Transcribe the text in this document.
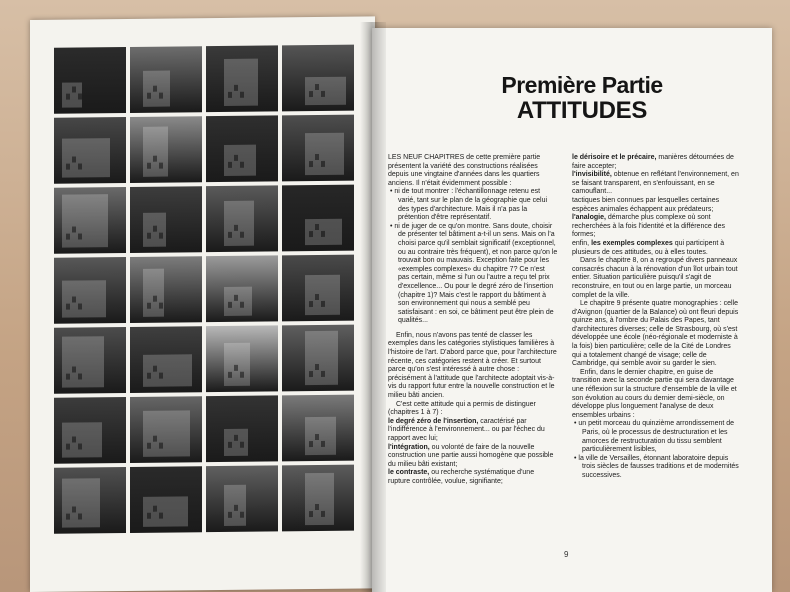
Première Partie
ATTITUDES

LES NEUF CHAPITRES de cette première partie présentent la variété des constructions réalisées depuis une vingtaine d'années dans les quartiers anciens. Il n'était évidemment possible :

• ni de tout montrer : l'échantillonnage retenu est varié, tant sur le plan de la géographie que celui des types d'architecture. Mais il n'a pas la prétention d'être représentatif.

• ni de juger de ce qu'on montre. Sans doute, choisir de présenter tel bâtiment a-t-il un sens. Mais on l'a choisi parce qu'il semblait significatif (exceptionnel, ou au contraire très fréquent), et non parce qu'on le trouvait bon ou mauvais. Exception faite pour les «exemples complexes» du chapitre 7? Ce n'est pas certain, même si l'un ou l'autre a reçu tel prix d'excellence... Ou pour le degré zéro de l'insertion (chapitre 1)? Mais c'est le rapport du bâtiment à son environnement qui nous a semblé peu satisfaisant : en soi, ce bâtiment peut être plein de qualités...

Enfin, nous n'avons pas tenté de classer les exemples dans les catégories stylistiques familières à l'histoire de l'art. D'abord parce que, pour l'architecture récente, ces catégories restent à créer. Et surtout parce qu'on s'est intéressé à autre chose : précisément à l'attitude que l'architecte adoptait vis-à-vis du rapport futur entre la nouvelle construction et le milieu bâti ancien.

C'est cette attitude qui a permis de distinguer (chapitres 1 à 7) :

le degré zéro de l'insertion, caractérisé par l'indifférence à l'environnement... ou par l'échec du rapport avec lui;

l'intégration, ou volonté de faire de la nouvelle construction une partie aussi homogène que possible du milieu bâti existant;

le contraste, ou recherche systématique d'une rupture contrôlée, voulue, signifiante;

le dérisoire et le précaire, manières détournées de faire accepter;

l'invisibilité, obtenue en reflétant l'environnement, en se faisant transparent, en s'enfouissant, en se camouflant...

tactiques bien connues par lesquelles certaines espèces animales échappent aux prédateurs;

l'analogie, démarche plus complexe où sont recherchées à la fois l'identité et la différence des formes;

enfin, les exemples complexes qui participent à plusieurs de ces attitudes, ou à elles toutes.

Dans le chapitre 8, on a regroupé divers panneaux consacrés chacun à la rénovation d'un îlot urbain tout entier. Situation particulière puisqu'il s'agit de reconstruire, en tout ou en large partie, un morceau complet de la ville.

Le chapitre 9 présente quatre monographies : celle d'Avignon (quartier de la Balance) où ont fleuri depuis quinze ans, à l'ombre du Palais des Papes, tant d'architectures diverses; celle de Strasbourg, où s'est développée une école (néo-régionale et moderniste à la fois) bien particulière; celle de la Cité de Londres qui a totalement changé de visage; celle de Cambridge, qui semble avoir su garder le sien.

Enfin, dans le dernier chapitre, en guise de transition avec la seconde partie qui sera davantage une réflexion sur la structure d'ensemble de la ville et son évolution au cours du dernier demi-siècle, on développe plus longuement l'analyse de deux ensembles urbains :

• un petit morceau du quinzième arrondissement de Paris, où le processus de destructuration et les amorces de restructuration du tissu semblent particulièrement lisibles,

• la ville de Versailles, étonnant laboratoire depuis trois siècles de fausses traditions et de modernités successives.

9
